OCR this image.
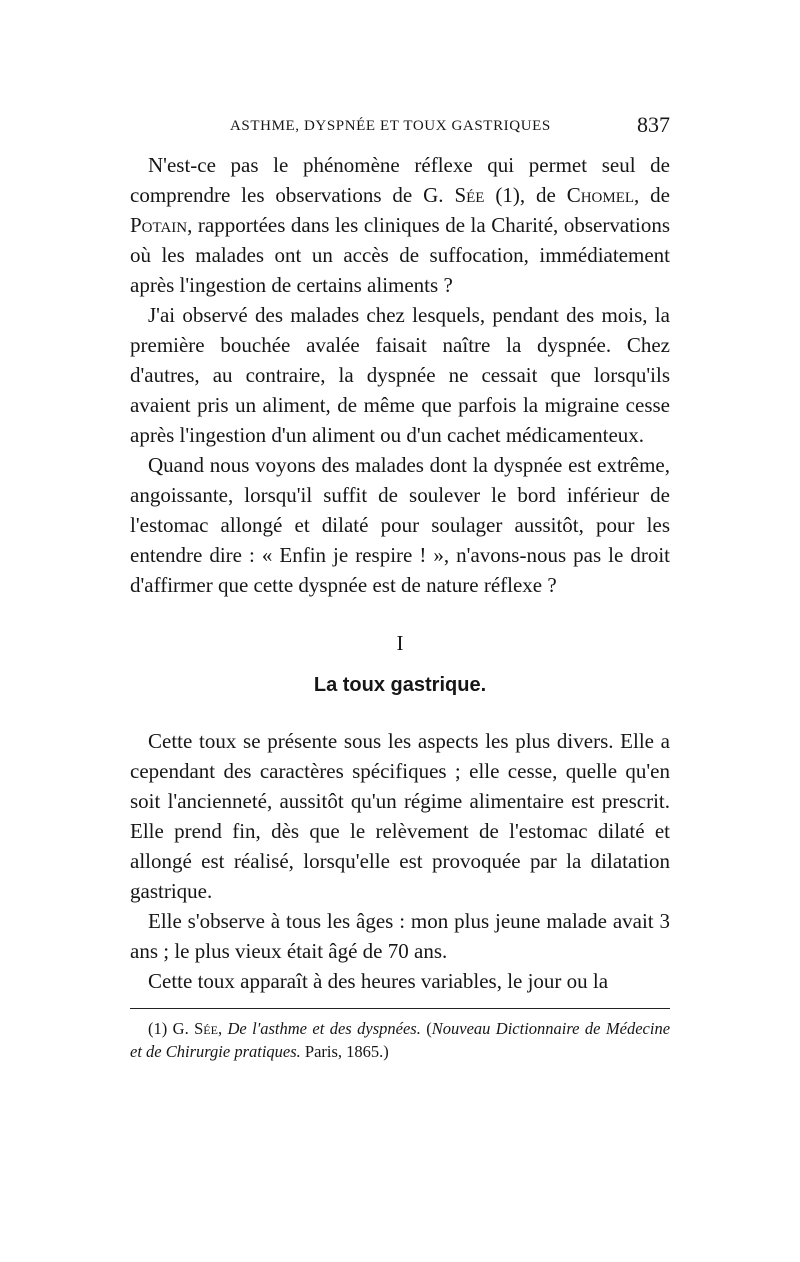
ASTHME, DYSPNÉE ET TOUX GASTRIQUES	837

N'est-ce pas le phénomène réflexe qui permet seul de comprendre les observations de G. Sée (1), de Chomel, de Potain, rapportées dans les cliniques de la Charité, observations où les malades ont un accès de suffocation, immédiatement après l'ingestion de certains aliments ?

J'ai observé des malades chez lesquels, pendant des mois, la première bouchée avalée faisait naître la dyspnée. Chez d'autres, au contraire, la dyspnée ne cessait que lorsqu'ils avaient pris un aliment, de même que parfois la migraine cesse après l'ingestion d'un aliment ou d'un cachet médicamenteux.

Quand nous voyons des malades dont la dyspnée est extrême, angoissante, lorsqu'il suffit de soulever le bord inférieur de l'estomac allongé et dilaté pour soulager aussitôt, pour les entendre dire : « Enfin je respire ! », n'avons-nous pas le droit d'affirmer que cette dyspnée est de nature réflexe ?

I
La toux gastrique.

Cette toux se présente sous les aspects les plus divers. Elle a cependant des caractères spécifiques ; elle cesse, quelle qu'en soit l'ancienneté, aussitôt qu'un régime alimentaire est prescrit. Elle prend fin, dès que le relèvement de l'estomac dilaté et allongé est réalisé, lorsqu'elle est provoquée par la dilatation gastrique.

Elle s'observe à tous les âges : mon plus jeune malade avait 3 ans ; le plus vieux était âgé de 70 ans.

Cette toux apparaît à des heures variables, le jour ou la

(1) G. Sée, De l'asthme et des dyspnées. (Nouveau Dictionnaire de Médecine et de Chirurgie pratiques. Paris, 1865.)
